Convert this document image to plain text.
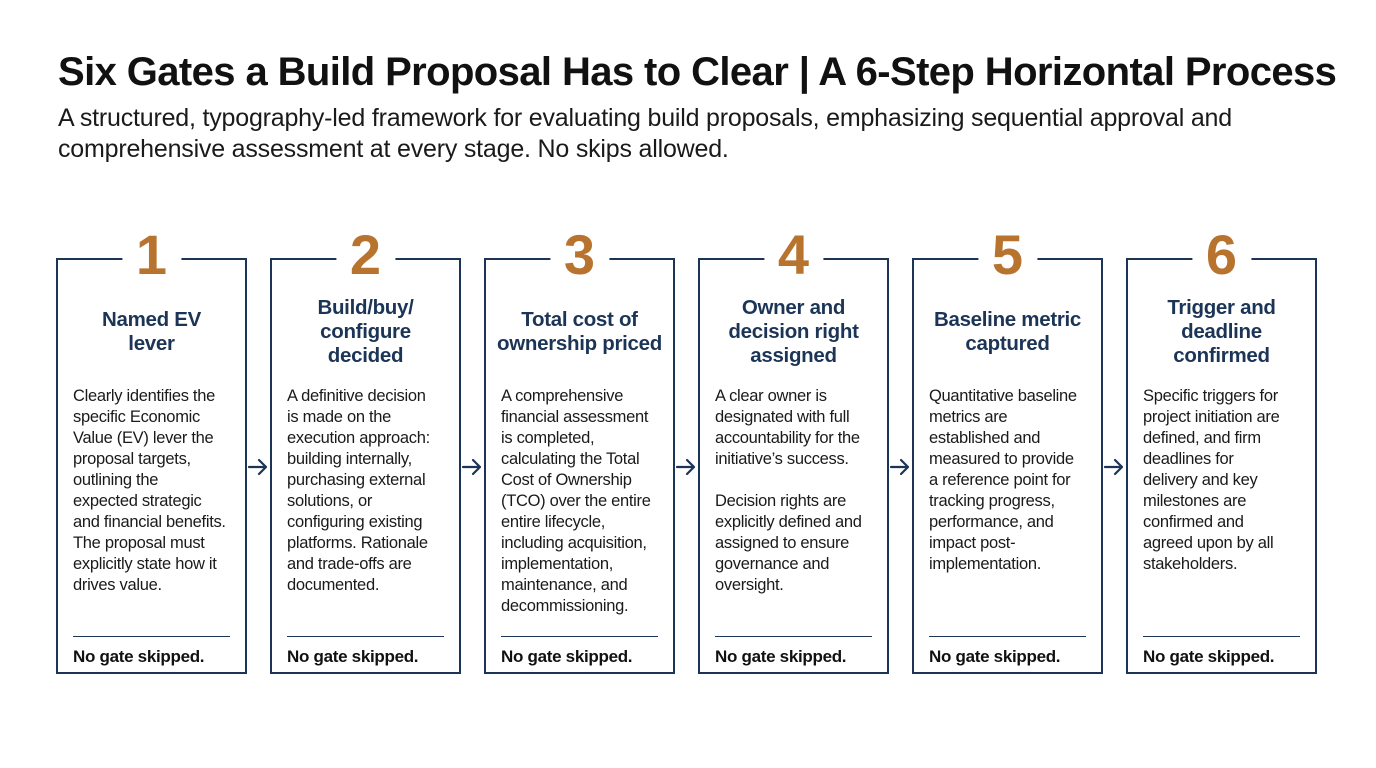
Six Gates a Build Proposal Has to Clear | A 6-Step Horizontal Process

A structured, typography-led framework for evaluating build proposals, emphasizing sequential approval and comprehensive assessment at every stage. No skips allowed.

1
Named EV
lever
Clearly identifies the
specific Economic
Value (EV) lever the
proposal targets,
outlining the
expected strategic
and financial benefits.
The proposal must
explicitly state how it
drives value.
No gate skipped.
2
Build/buy/
configure
decided
A definitive decision
is made on the
execution approach:
building internally,
purchasing external
solutions, or
configuring existing
platforms. Rationale
and trade-offs are
documented.
No gate skipped.
3
Total cost of
ownership priced
A comprehensive
financial assessment
is completed,
calculating the Total
Cost of Ownership
(TCO) over the entire
entire lifecycle,
including acquisition,
implementation,
maintenance, and
decommissioning.
No gate skipped.
4
Owner and
decision right
assigned
A clear owner is
designated with full
accountability for the
initiative’s success.

Decision rights are
explicitly defined and
assigned to ensure
governance and
oversight.
No gate skipped.
5
Baseline metric
captured
Quantitative baseline
metrics are
established and
measured to provide
a reference point for
tracking progress,
performance, and
impact post-
implementation.
No gate skipped.
6
Trigger and
deadline
confirmed
Specific triggers for
project initiation are
defined, and firm
deadlines for
delivery and key
milestones are
confirmed and
agreed upon by all
stakeholders.
No gate skipped.
